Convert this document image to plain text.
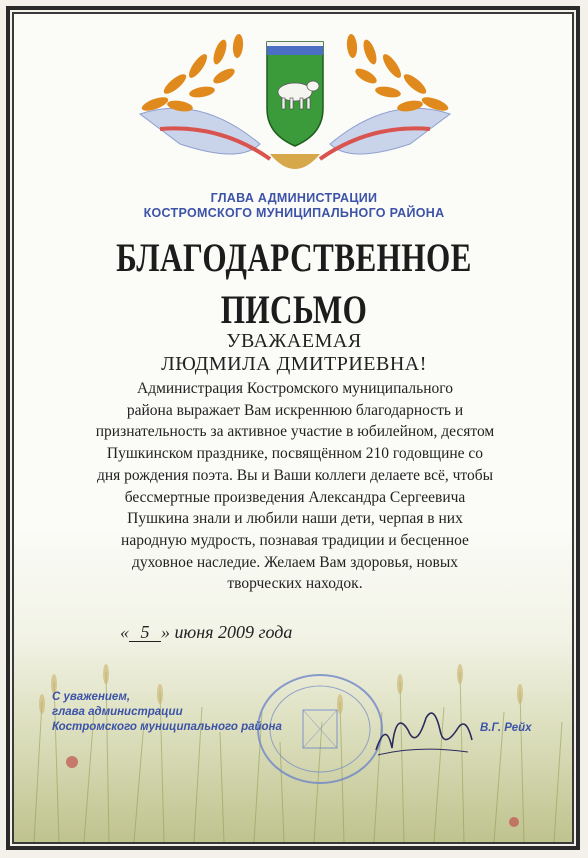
ГЛАВА АДМИНИСТРАЦИИ

КОСТРОМСКОГО МУНИЦИПАЛЬНОГО РАЙОНА

БЛАГОДАРСТВЕННОЕ ПИСЬМО

УВАЖАЕМАЯ

ЛЮДМИЛА ДМИТРИЕВНА!

Администрация Костромского муниципального
района выражает Вам искреннюю благодарность и
признательность за активное участие в юбилейном, десятом
Пушкинском празднике, посвящённом 210 годовщине со
дня рождения поэта. Вы и Ваши коллеги делаете всё, чтобы
бессмертные произведения Александра Сергеевича
Пушкина знали и любили наши дети, черпая в них
народную мудрость, познавая традиции и бесценное
духовное наследие. Желаем Вам здоровья, новых
творческих находок.

« 5 » июня 2009 года

С уважением,
глава администрации
Костромского муниципального района	В.Г. Рейх
